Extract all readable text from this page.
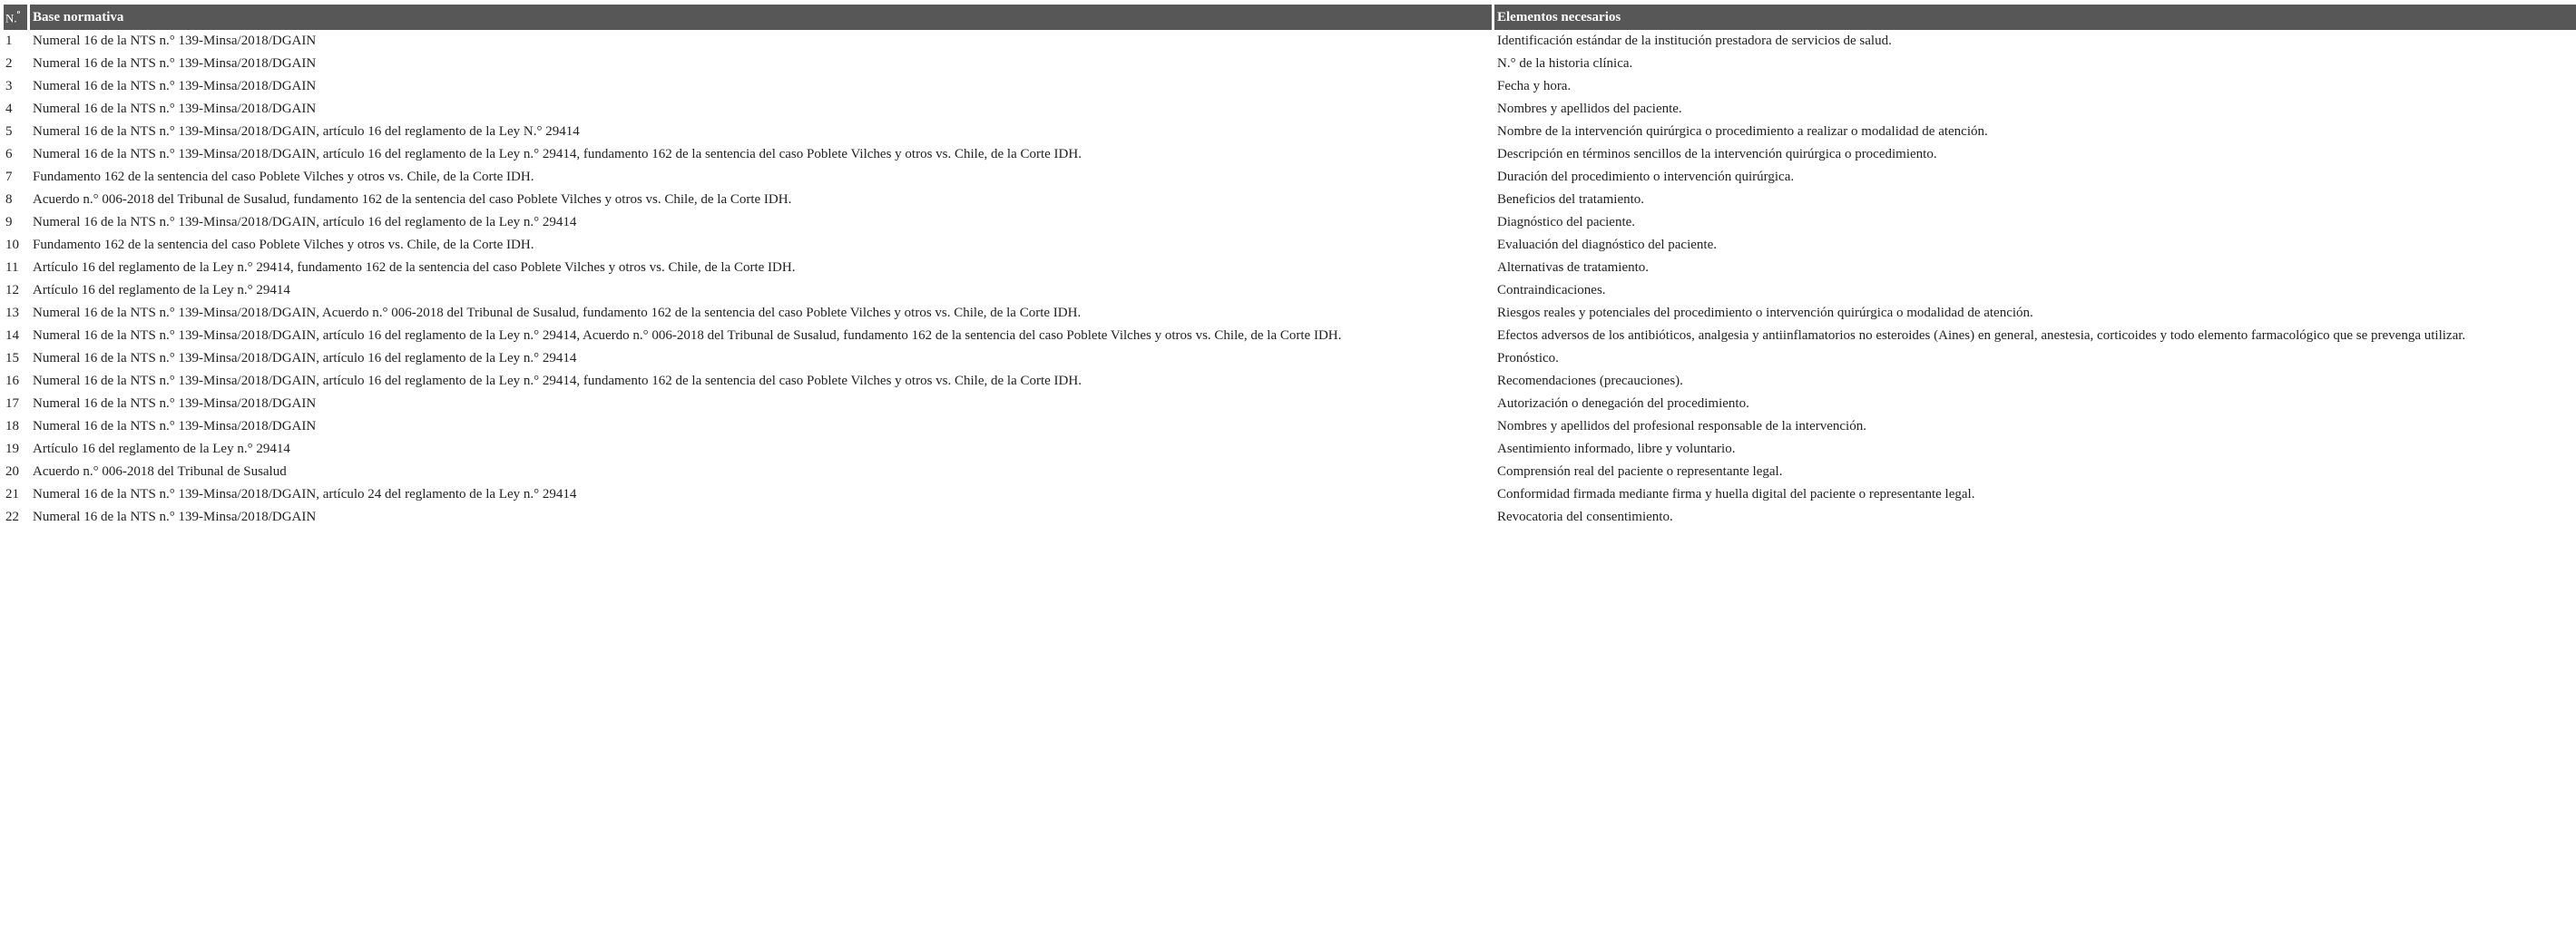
N.$^º$	Base normativa	Elementos necesarios
1	Numeral 16 de la NTS n.° 139-Minsa/2018/DGAIN	Identificación estándar de la institución prestadora de servicios de salud.
2	Numeral 16 de la NTS n.° 139-Minsa/2018/DGAIN	N.° de la historia clínica.
3	Numeral 16 de la NTS n.° 139-Minsa/2018/DGAIN	Fecha y hora.
4	Numeral 16 de la NTS n.° 139-Minsa/2018/DGAIN	Nombres y apellidos del paciente.
5	Numeral 16 de la NTS n.° 139-Minsa/2018/DGAIN, artículo 16 del reglamento de la Ley N.° 29414	Nombre de la intervención quirúrgica o procedimiento a realizar o modalidad de atención.
6	Numeral 16 de la NTS n.° 139-Minsa/2018/DGAIN, artículo 16 del reglamento de la Ley n.° 29414, fundamento 162 de la sentencia del caso Poblete Vilches y otros vs. Chile, de la Corte IDH.	Descripción en términos sencillos de la intervención quirúrgica o procedimiento.
7	Fundamento 162 de la sentencia del caso Poblete Vilches y otros vs. Chile, de la Corte IDH.	Duración del procedimiento o intervención quirúrgica.
8	Acuerdo n.° 006-2018 del Tribunal de Susalud, fundamento 162 de la sentencia del caso Poblete Vilches y otros vs. Chile, de la Corte IDH.	Beneficios del tratamiento.
9	Numeral 16 de la NTS n.° 139-Minsa/2018/DGAIN, artículo 16 del reglamento de la Ley n.° 29414	Diagnóstico del paciente.
10	Fundamento 162 de la sentencia del caso Poblete Vilches y otros vs. Chile, de la Corte IDH.	Evaluación del diagnóstico del paciente.
11	Artículo 16 del reglamento de la Ley n.° 29414, fundamento 162 de la sentencia del caso Poblete Vilches y otros vs. Chile, de la Corte IDH.	Alternativas de tratamiento.
12	Artículo 16 del reglamento de la Ley n.° 29414	Contraindicaciones.
13	Numeral 16 de la NTS n.° 139-Minsa/2018/DGAIN, Acuerdo n.° 006-2018 del Tribunal de Susalud, fundamento 162 de la sentencia del caso Poblete Vilches y otros vs. Chile, de la Corte IDH.	Riesgos reales y potenciales del procedimiento o intervención quirúrgica o modalidad de atención.
14	Numeral 16 de la NTS n.° 139-Minsa/2018/DGAIN, artículo 16 del reglamento de la Ley n.° 29414, Acuerdo n.° 006-2018 del Tribunal de Susalud, fundamento 162 de la sentencia del caso Poblete Vilches y otros vs. Chile, de la Corte IDH.	Efectos adversos de los antibióticos, analgesia y antiinflamatorios no esteroides (Aines) en general, anestesia, corticoides y todo elemento farmacológico que se prevenga utilizar.
15	Numeral 16 de la NTS n.° 139-Minsa/2018/DGAIN, artículo 16 del reglamento de la Ley n.° 29414	Pronóstico.
16	Numeral 16 de la NTS n.° 139-Minsa/2018/DGAIN, artículo 16 del reglamento de la Ley n.° 29414, fundamento 162 de la sentencia del caso Poblete Vilches y otros vs. Chile, de la Corte IDH.	Recomendaciones (precauciones).
17	Numeral 16 de la NTS n.° 139-Minsa/2018/DGAIN	Autorización o denegación del procedimiento.
18	Numeral 16 de la NTS n.° 139-Minsa/2018/DGAIN	Nombres y apellidos del profesional responsable de la intervención.
19	Artículo 16 del reglamento de la Ley n.° 29414	Asentimiento informado, libre y voluntario.
20	Acuerdo n.° 006-2018 del Tribunal de Susalud	Comprensión real del paciente o representante legal.
21	Numeral 16 de la NTS n.° 139-Minsa/2018/DGAIN, artículo 24 del reglamento de la Ley n.° 29414	Conformidad firmada mediante firma y huella digital del paciente o representante legal.
22	Numeral 16 de la NTS n.° 139-Minsa/2018/DGAIN	Revocatoria del consentimiento.
